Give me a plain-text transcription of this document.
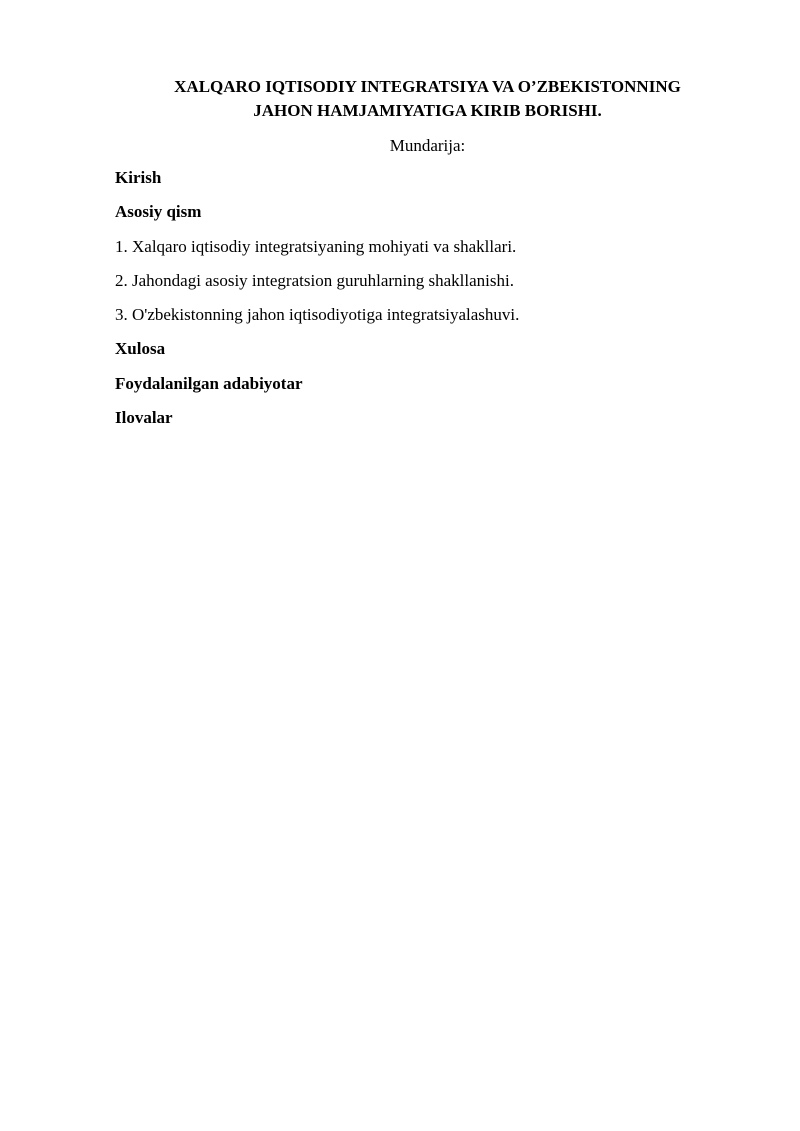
XALQARO IQTISODIY INTEGRATSIYA VA O’ZBEKISTONNING
JAHON HAMJAMIYATIGA KIRIB BORISHI.
Mundarija:
Kirish
Asosiy qism
1. Xalqaro iqtisodiy integratsiyaning mohiyati va shakllari.
2. Jahondagi asosiy integratsion guruhlarning shakllanishi.
3. O'zbekistonning jahon iqtisodiyotiga integratsiyalashuvi.
Xulosa
Foydalanilgan adabiyotar
Ilovalar
